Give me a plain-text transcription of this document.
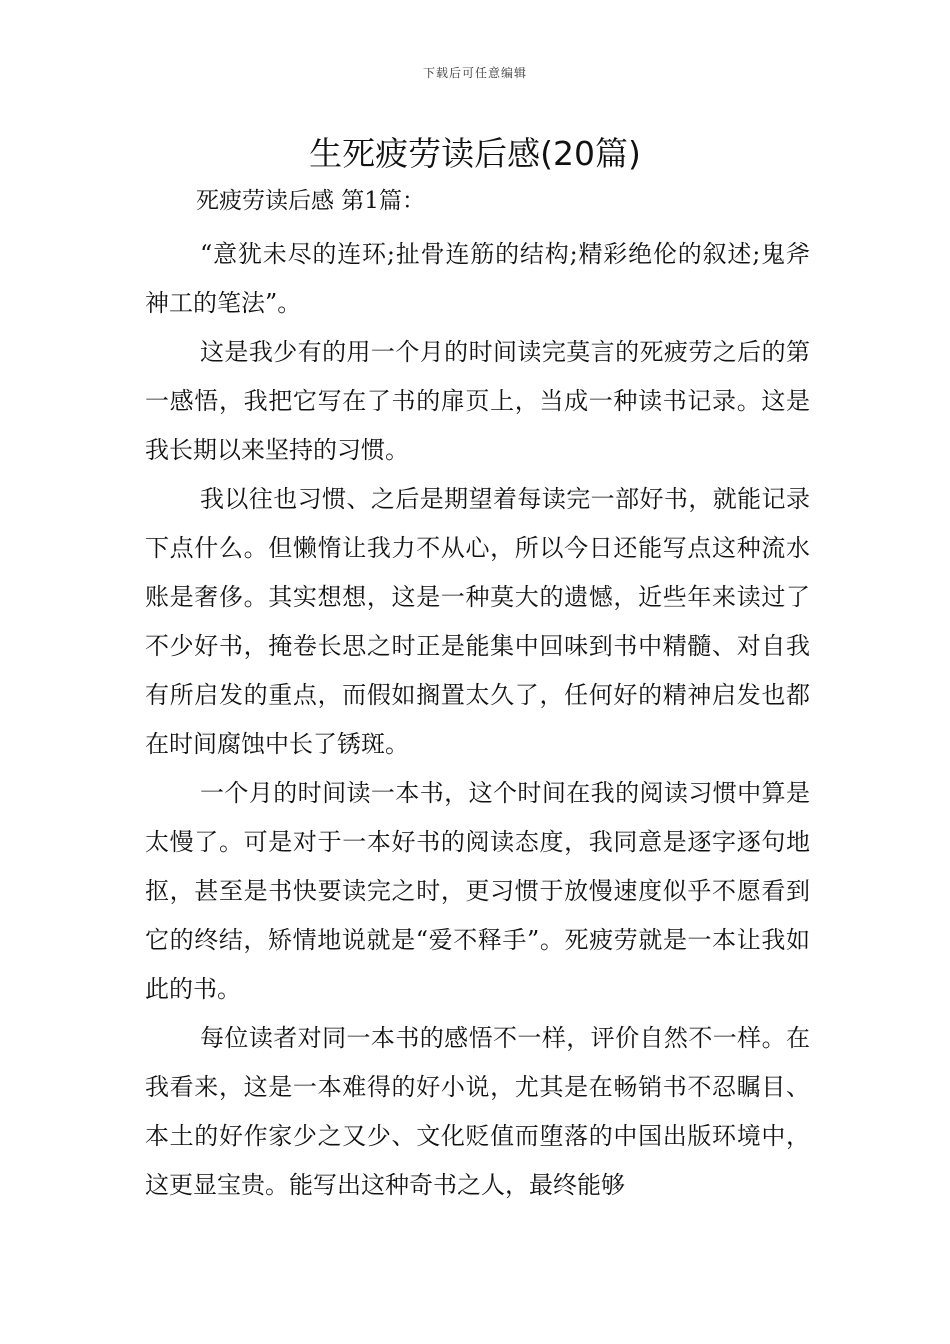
下载后可任意编辑
生死疲劳读后感(20篇)
死疲劳读后感 第1篇：

“意犹未尽的连环;扯骨连筋的结构;精彩绝伦的叙述;鬼斧神工的笔法”。

这是我少有的用一个月的时间读完莫言的死疲劳之后的第一感悟，我把它写在了书的扉页上，当成一种读书记录。这是我长期以来坚持的习惯。

我以往也习惯、之后是期望着每读完一部好书，就能记录下点什么。但懒惰让我力不从心，所以今日还能写点这种流水账是奢侈。其实想想，这是一种莫大的遗憾，近些年来读过了不少好书，掩卷长思之时正是能集中回味到书中精髓、对自我有所启发的重点，而假如搁置太久了，任何好的精神启发也都在时间腐蚀中长了锈斑。

一个月的时间读一本书，这个时间在我的阅读习惯中算是太慢了。可是对于一本好书的阅读态度，我同意是逐字逐句地抠，甚至是书快要读完之时，更习惯于放慢速度似乎不愿看到它的终结，矫情地说就是“爱不释手”。死疲劳就是一本让我如此的书。

每位读者对同一本书的感悟不一样，评价自然不一样。在我看来，这是一本难得的好小说，尤其是在畅销书不忍瞩目、本土的好作家少之又少、文化贬值而堕落的中国出版环境中，这更显宝贵。能写出这种奇书之人，最终能够
